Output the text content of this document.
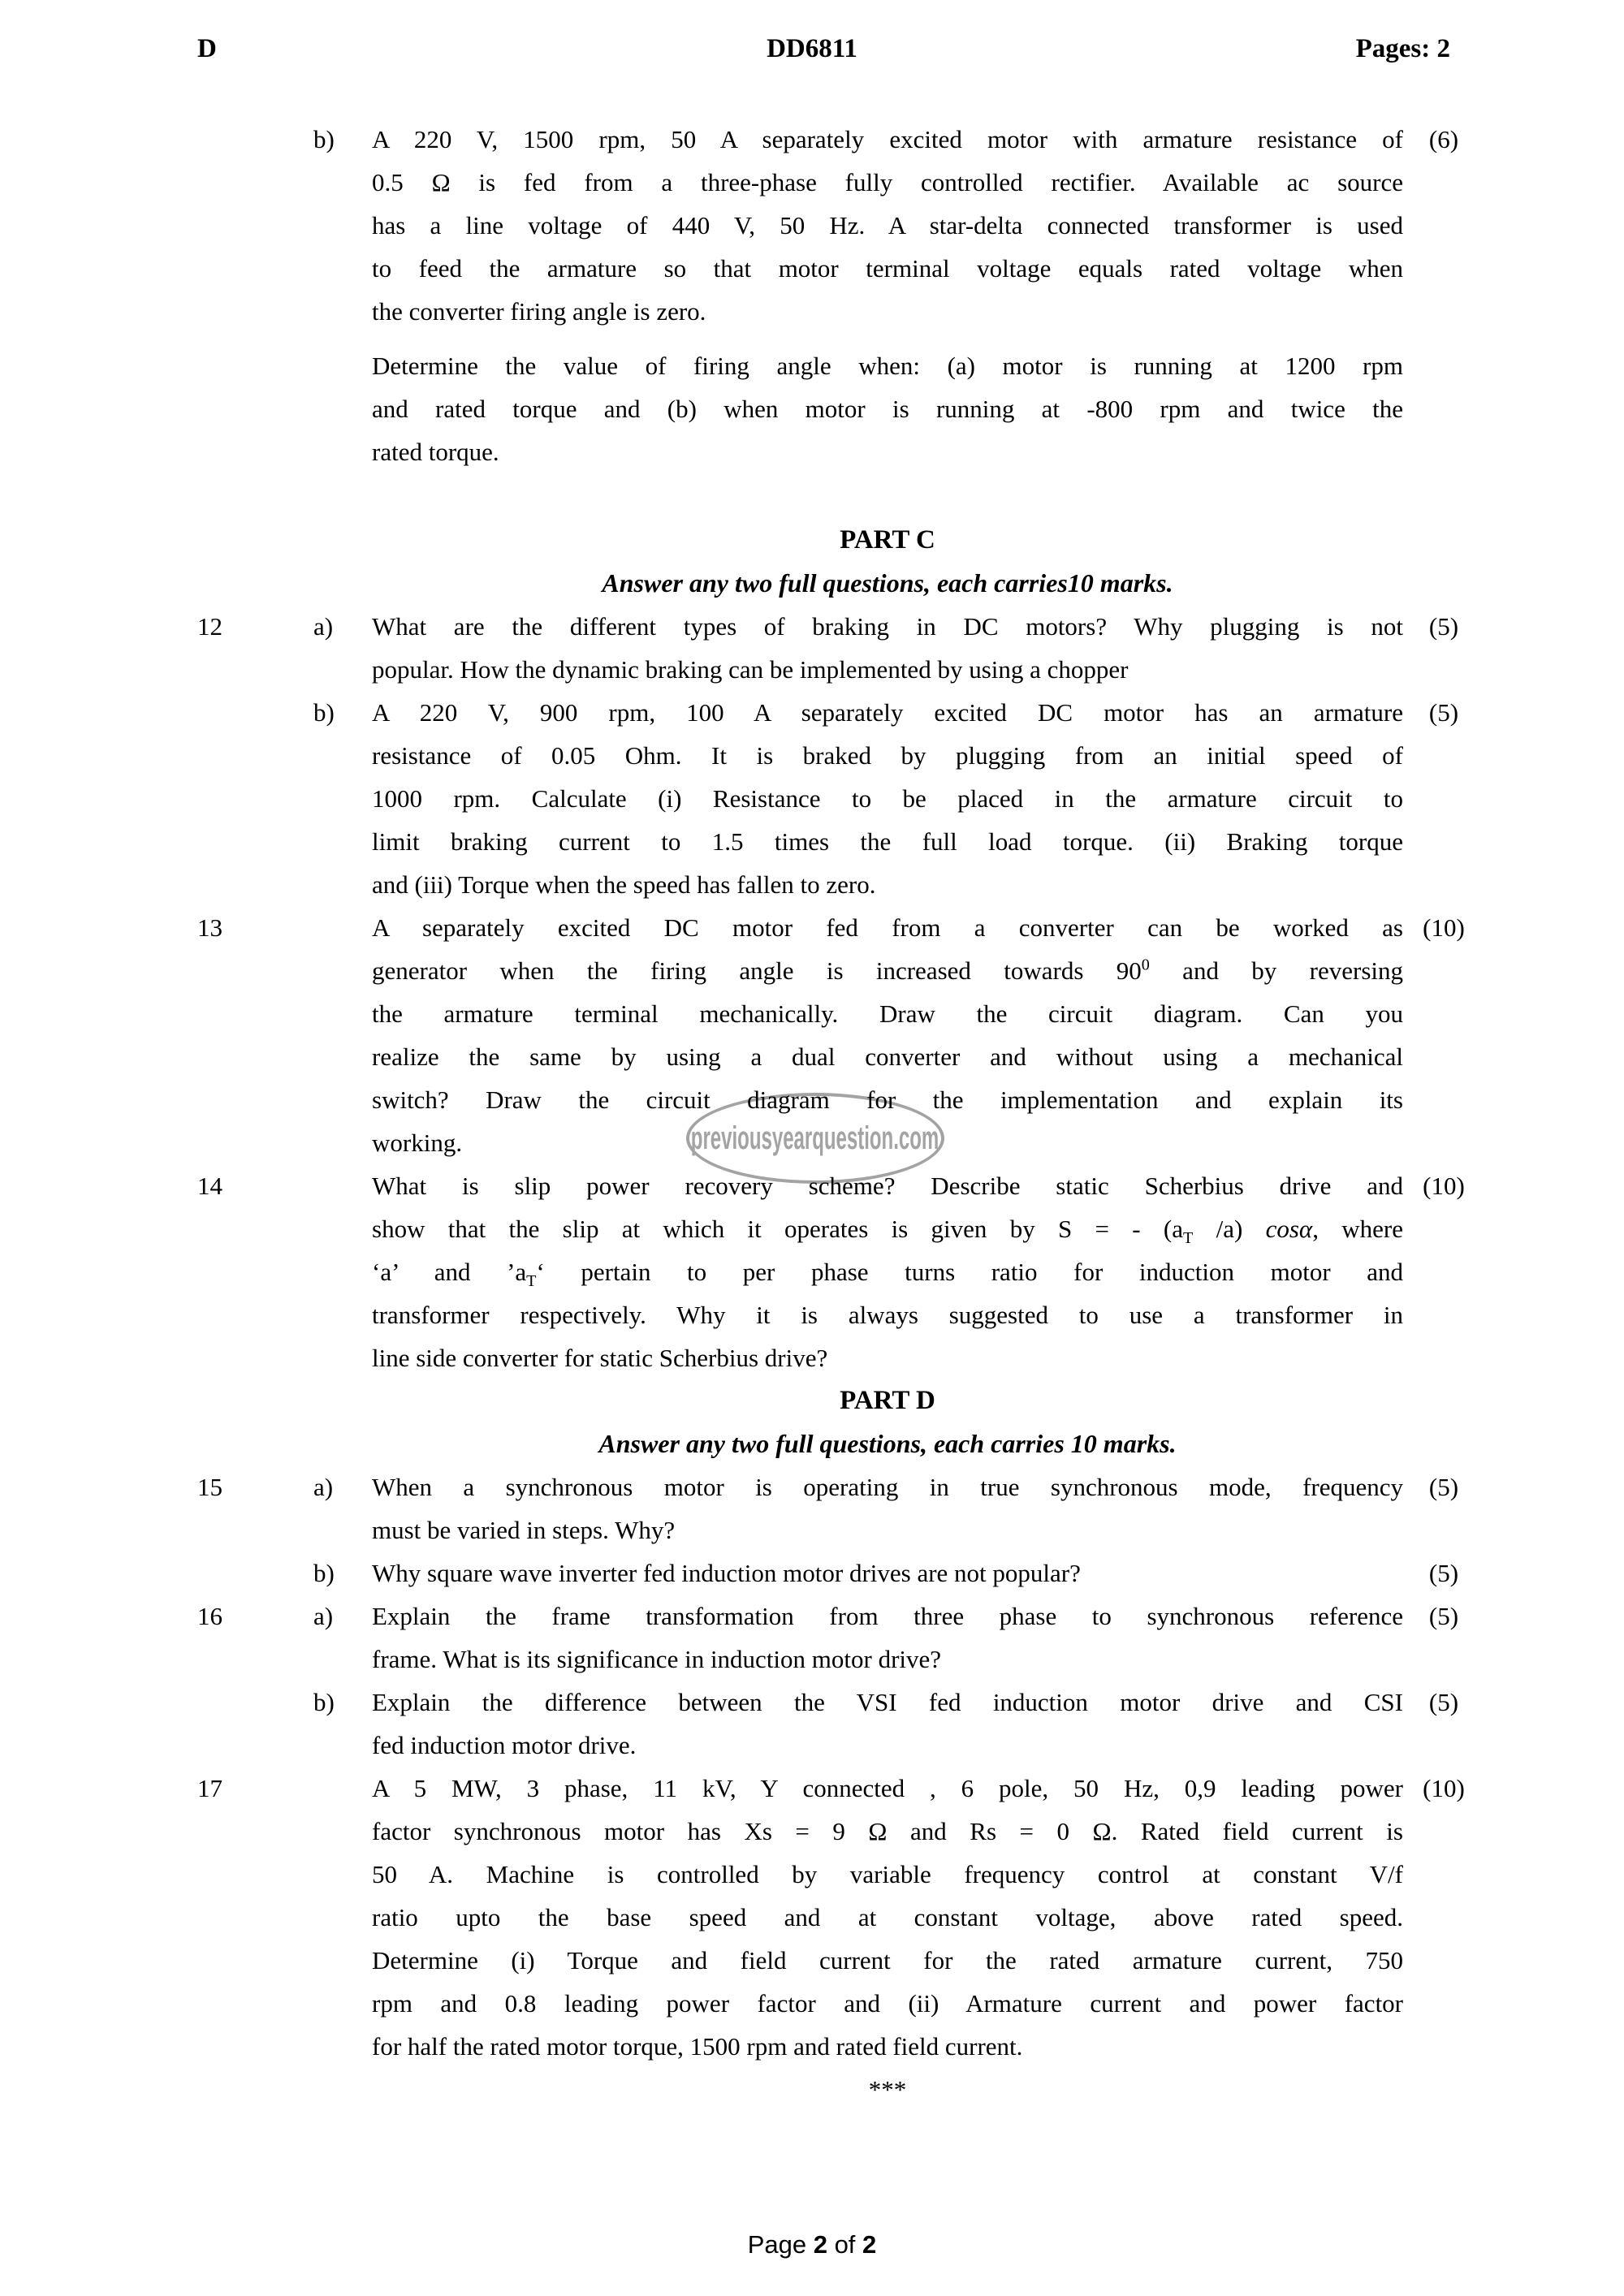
D	DD6811	Pages: 2
previousyearquestion.com
b)	(6)
A 220 V, 1500 rpm, 50 A separately excited motor with armature resistance of
0.5 Ω is fed from a three-phase fully controlled rectifier. Available ac source
has a line voltage of 440 V, 50 Hz. A star-delta connected transformer is used
to feed the armature so that motor terminal voltage equals rated voltage when
the converter firing angle is zero.
Determine the value of firing angle when: (a) motor is running at 1200 rpm
and rated torque and (b) when motor is running at -800 rpm and twice the
rated torque.
PART C
Answer any two full questions, each carries10 marks.
12	a)	(5)
What are the different types of braking in DC motors? Why plugging is not
popular. How the dynamic braking can be implemented by using a chopper
b)	(5)
A 220 V, 900 rpm, 100 A separately excited DC motor has an armature
resistance of 0.05 Ohm. It is braked by plugging from an initial speed of
1000 rpm. Calculate (i) Resistance to be placed in the armature circuit to
limit braking current to 1.5 times the full load torque. (ii) Braking torque
and (iii) Torque when the speed has fallen to zero.
13	(10)
A separately excited DC motor fed from a converter can be worked as
generator when the firing angle is increased towards $90^0$ and by reversing
the armature terminal mechanically. Draw the circuit diagram. Can you
realize the same by using a dual converter and without using a mechanical
switch? Draw the circuit diagram for the implementation and explain its
working.
14	(10)
What is slip power recovery scheme? Describe static Scherbius drive and
show that the slip at which it operates is given by S = - ($a_T$ /a) cosα, where
‘a’ and $’a_T‘$ pertain to per phase turns ratio for induction motor and
transformer respectively. Why it is always suggested to use a transformer in
line side converter for static Scherbius drive?
PART D
Answer any two full questions, each carries 10 marks.
15	a)	(5)
When a synchronous motor is operating in true synchronous mode, frequency
must be varied in steps. Why?
b)	(5)
Why square wave inverter fed induction motor drives are not popular?
16	a)	(5)
Explain the frame transformation from three phase to synchronous reference
frame. What is its significance in induction motor drive?
b)	(5)
Explain the difference between the VSI fed induction motor drive and CSI
fed induction motor drive.
17	(10)
A 5 MW, 3 phase, 11 kV, Y connected , 6 pole, 50 Hz, 0,9 leading power
factor synchronous motor has Xs = 9 Ω and Rs = 0 Ω. Rated field current is
50 A. Machine is controlled by variable frequency control at constant V/f
ratio upto the base speed and at constant voltage, above rated speed.
Determine (i) Torque and field current for the rated armature current, 750
rpm and 0.8 leading power factor and (ii) Armature current and power factor
for half the rated motor torque, 1500 rpm and rated field current.
***
Page 2 of 2
